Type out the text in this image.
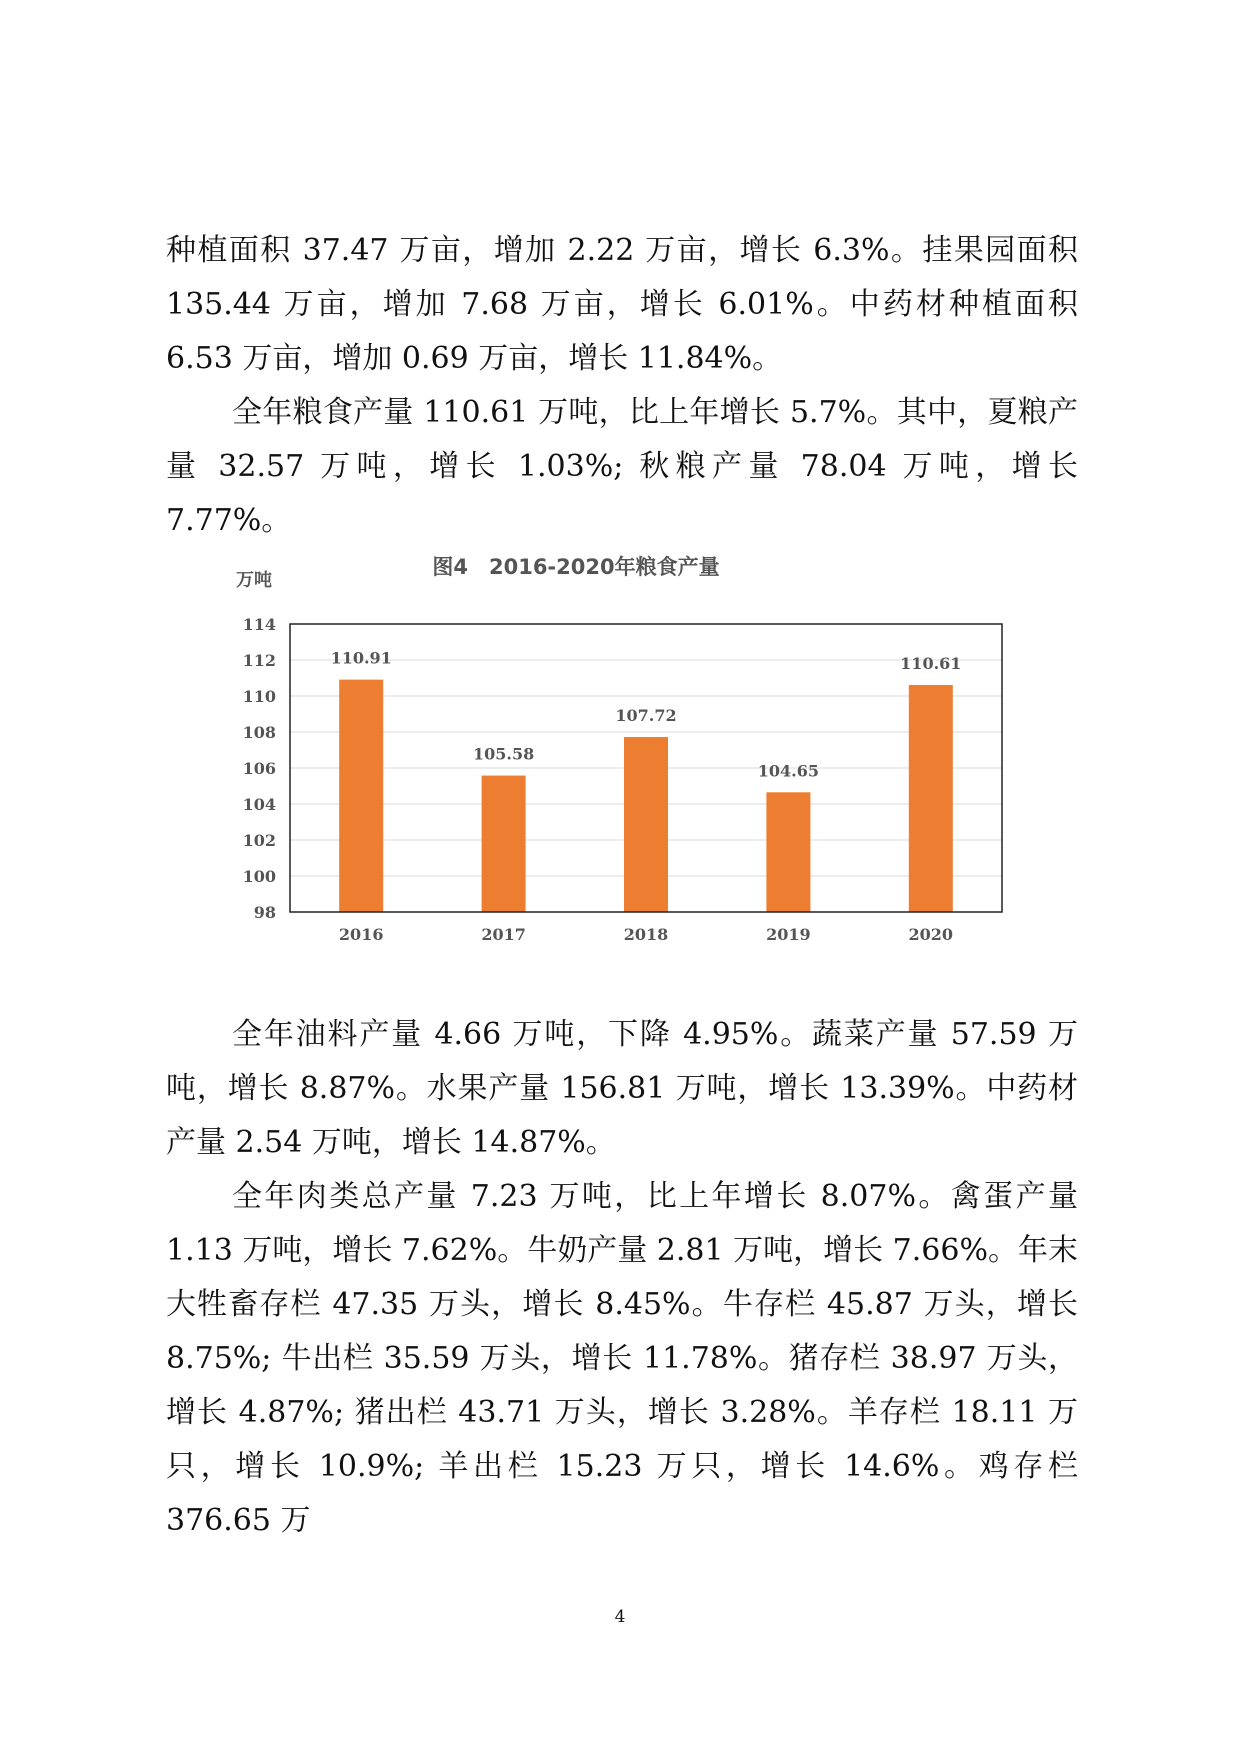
种植面积 37.47 万亩，增加 2.22 万亩，增长 6.3%。挂果园面积 135.44 万亩，增加 7.68 万亩，增长 6.01%。中药材种植面积 6.53 万亩，增加 0.69 万亩，增长 11.84%。

全年粮食产量 110.61 万吨，比上年增长 5.7%。其中，夏粮产量 32.57 万吨，增长 1.03%; 秋粮产量 78.04 万吨，增长 7.77%。

图4　2016-2020年粮食产量
万吨
98
100
102
104
106
108
110
112
114
110.91
2016
105.58
2017
107.72
2018
104.65
2019
110.61
2020

全年油料产量 4.66 万吨，下降 4.95%。蔬菜产量 57.59 万吨，增长 8.87%。水果产量 156.81 万吨，增长 13.39%。中药材产量 2.54 万吨，增长 14.87%。

全年肉类总产量 7.23 万吨，比上年增长 8.07%。禽蛋产量 1.13 万吨，增长 7.62%。牛奶产量 2.81 万吨，增长 7.66%。年末大牲畜存栏 47.35 万头，增长 8.45%。牛存栏 45.87 万头，增长 8.75%; 牛出栏 35.59 万头，增长 11.78%。猪存栏 38.97 万头，增长 4.87%; 猪出栏 43.71 万头，增长 3.28%。羊存栏 18.11 万只，增长 10.9%; 羊出栏 15.23 万只，增长 14.6%。鸡存栏 376.65 万

4
